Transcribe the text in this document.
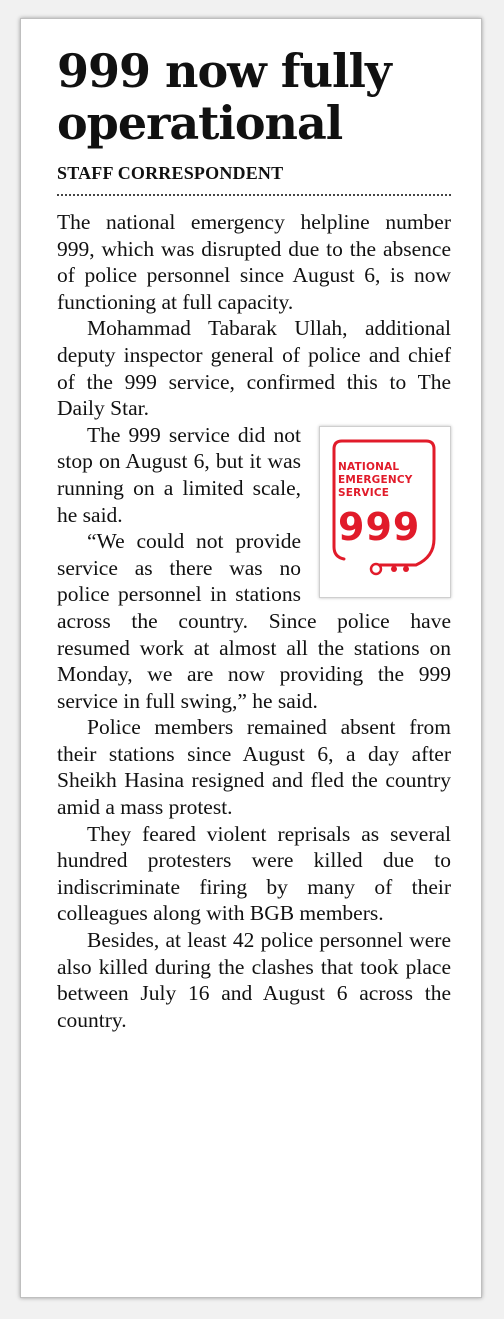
999 now fully
operational
STAFF CORRESPONDENT

The national emergency helpline number 999, which was disrupted due to the absence of police personnel since August 6, is now functioning at full capacity.

Mohammad Tabarak Ullah, additional deputy inspector general of police and chief of the 999 service, confirmed this to The Daily Star.

NATIONAL
EMERGENCY
SERVICE
999

The 999 service did not stop on August 6, but it was running on a limited scale, he said.

“We could not provide service as there was no police personnel in stations across the country. Since police have resumed work at almost all the stations on Monday, we are now providing the 999 service in full swing,” he said.

Police members remained absent from their stations since August 6, a day after Sheikh Hasina resigned and fled the country amid a mass protest.

They feared violent reprisals as several hundred protesters were killed due to indiscriminate firing by many of their colleagues along with BGB members.

Besides, at least 42 police personnel were also killed during the clashes that took place between July 16 and August 6 across the country.
